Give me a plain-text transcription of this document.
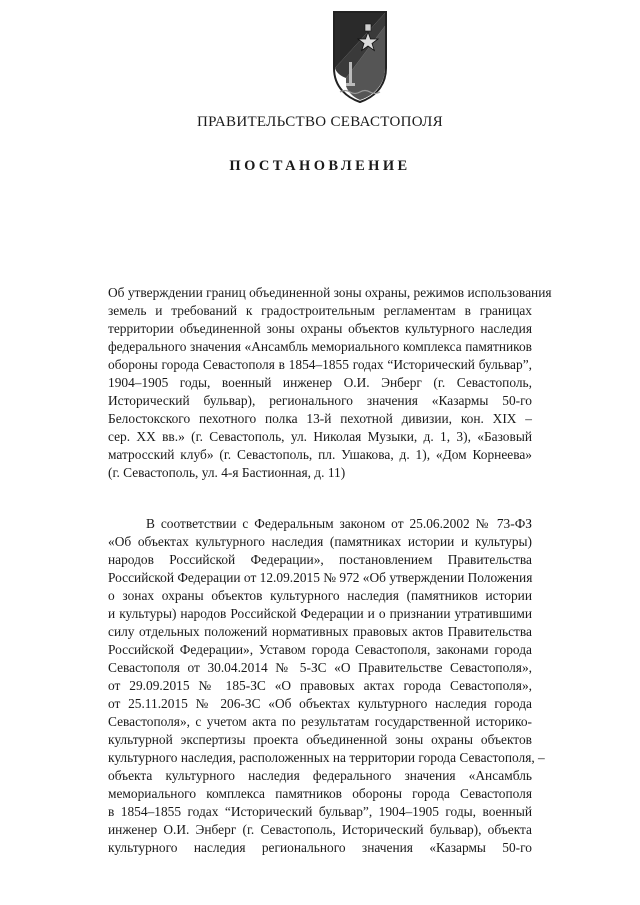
ПРАВИТЕЛЬСТВО СЕВАСТОПОЛЯ
ПОСТАНОВЛЕНИЕ
Об утверждении границ объединенной зоны охраны, режимов использования
земель и требований к градостроительным регламентам в границах
территории объединенной зоны охраны объектов культурного наследия
федерального значения «Ансамбль мемориального комплекса памятников
обороны города Севастополя в 1854–1855 годах “Исторический бульвар”,
1904–1905 годы, военный инженер О.И. Энберг (г. Севастополь,
Исторический бульвар), регионального значения «Казармы 50-го
Белостокского пехотного полка 13-й пехотной дивизии, кон. XIX –
сер. XX вв.» (г. Севастополь, ул. Николая Музыки, д. 1, 3), «Базовый
матросский клуб» (г. Севастополь, пл. Ушакова, д. 1), «Дом Корнеева»
(г. Севастополь, ул. 4-я Бастионная, д. 11)
В соответствии с Федеральным законом от 25.06.2002 № 73-ФЗ
«Об объектах культурного наследия (памятниках истории и культуры)
народов Российской Федерации», постановлением Правительства
Российской Федерации от 12.09.2015 № 972 «Об утверждении Положения
о зонах охраны объектов культурного наследия (памятников истории
и культуры) народов Российской Федерации и о признании утратившими
силу отдельных положений нормативных правовых актов Правительства
Российской Федерации», Уставом города Севастополя, законами города
Севастополя от 30.04.2014 № 5-ЗС «О Правительстве Севастополя»,
от 29.09.2015 № 185-ЗС «О правовых актах города Севастополя»,
от 25.11.2015 № 206-ЗС «Об объектах культурного наследия города
Севастополя», с учетом акта по результатам государственной историко-
культурной экспертизы проекта объединенной зоны охраны объектов
культурного наследия, расположенных на территории города Севастополя, –
объекта культурного наследия федерального значения «Ансамбль
мемориального комплекса памятников обороны города Севастополя
в 1854–1855 годах “Исторический бульвар”, 1904–1905 годы, военный
инженер О.И. Энберг (г. Севастополь, Исторический бульвар), объекта
культурного наследия регионального значения «Казармы 50-го
